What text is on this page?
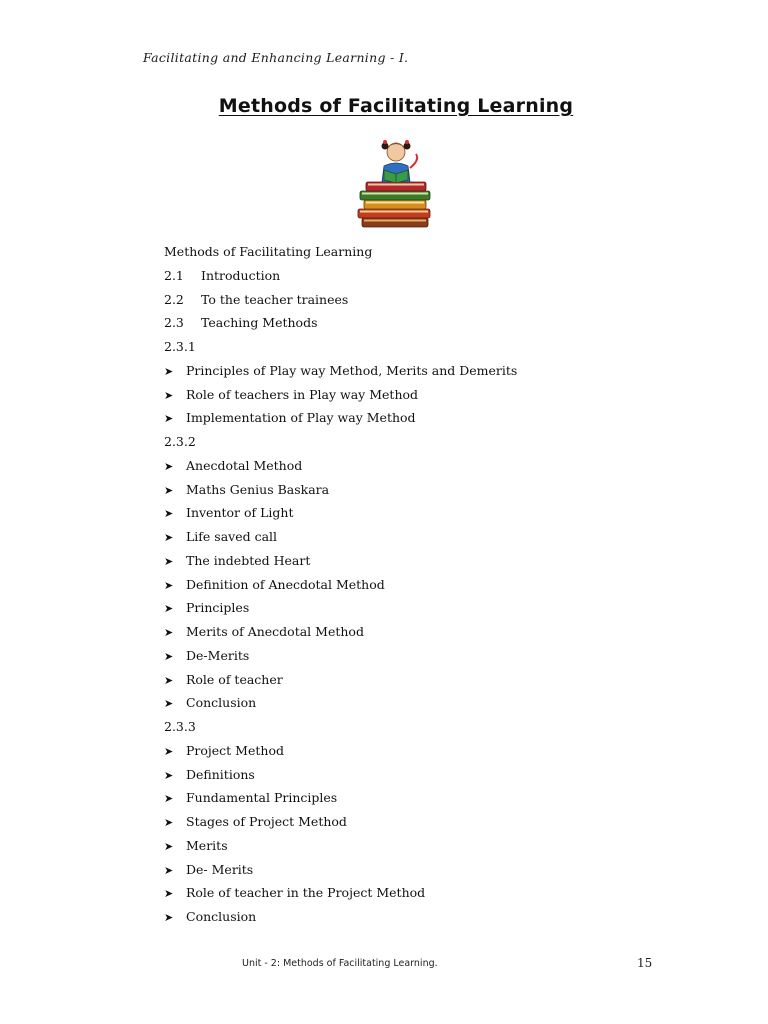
Facilitating and Enhancing Learning - I.
Methods of Facilitating Learning
Methods of Facilitating Learning
2.1 Introduction
2.2 To the teacher trainees
2.3 Teaching Methods
2.3.1
➤ Principles of Play way Method, Merits and Demerits
➤ Role of teachers in Play way Method
➤ Implementation of Play way Method
2.3.2
➤ Anecdotal Method
➤ Maths Genius Baskara
➤ Inventor of Light
➤ Life saved call
➤ The indebted Heart
➤ Definition of Anecdotal Method
➤ Principles
➤ Merits of Anecdotal Method
➤ De-Merits
➤ Role of teacher
➤ Conclusion
2.3.3
➤ Project Method
➤ Definitions
➤ Fundamental Principles
➤ Stages of Project Method
➤ Merits
➤ De- Merits
➤ Role of teacher in the Project Method
➤ Conclusion
Unit - 2: Methods of Facilitating Learning.	15
